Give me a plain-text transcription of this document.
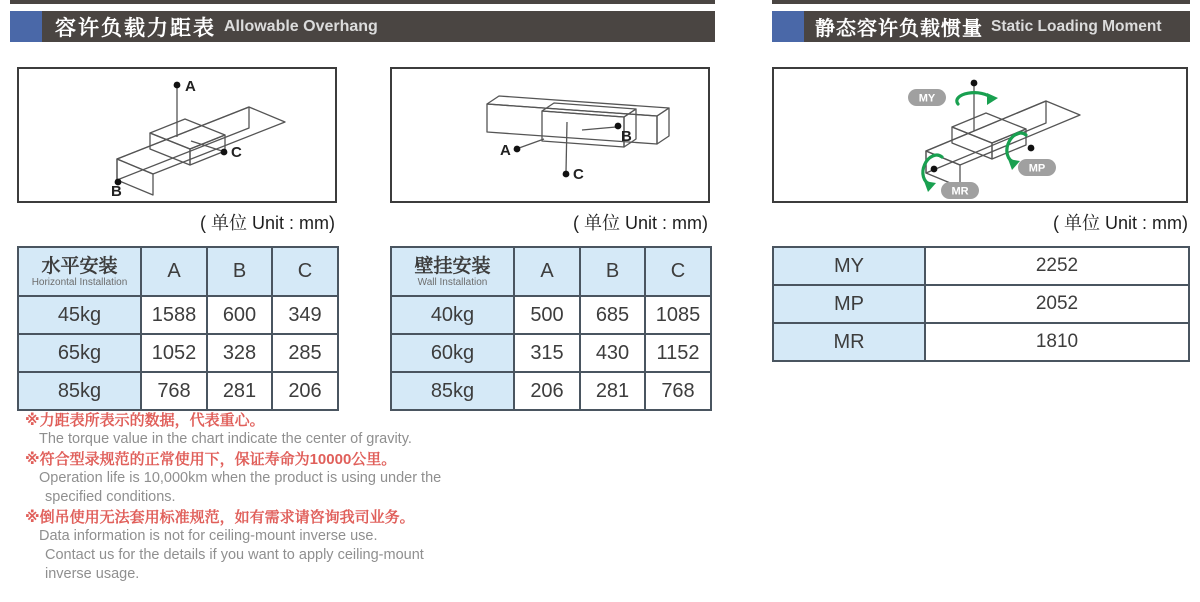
容许负载力距表 Allowable Overhang	静态容许负载惯量 Static Loading Moment
A
B
C
( 单位 Unit : mm)
A
B
C
( 单位 Unit : mm)
MY
MP
MR
( 单位 Unit : mm)
水平安装
Horizontal Installation	A	B	C
45kg	1588	600	349
65kg	1052	328	285
85kg	768	281	206
壁挂安装
Wall Installation	A	B	C
40kg	500	685	1085
60kg	315	430	1152
85kg	206	281	768
MY	2252
MP	2052
MR	1810
※力距表所表示的数据，代表重心。
The torque value in the chart indicate the center of gravity.
※符合型录规范的正常使用下，保证寿命为10000公里。
Operation life is 10,000km when the product is using under the
specified conditions.
※倒吊使用无法套用标准规范，如有需求请咨询我司业务。
Data information is not for ceiling-mount inverse use.
Contact us for the details if you want to apply ceiling-mount
inverse usage.
